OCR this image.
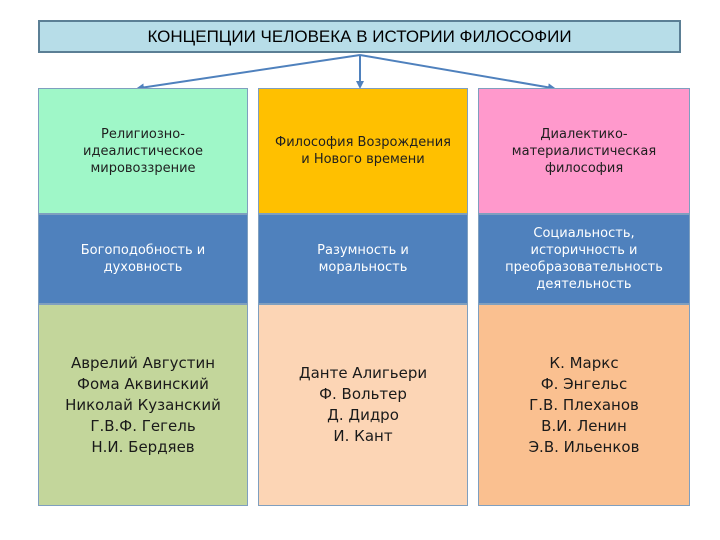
КОНЦЕПЦИИ ЧЕЛОВЕКА В ИСТОРИИ ФИЛОСОФИИ
Религиозно-
идеалистическое
мировоззрение
Богоподобность и
духовность
Аврелий Августин
Фома Аквинский
Николай Кузанский
Г.В.Ф. Гегель
Н.И. Бердяев
Философия Возрождения
и Нового времени
Разумность и
моральность
Данте Алигьери
Ф. Вольтер
Д. Дидро
И. Кант
Диалектико-
материалистическая
философия
Социальность,
историчность и
преобразовательность
деятельность
К. Маркс
Ф. Энгельс
Г.В. Плеханов
В.И. Ленин
Э.В. Ильенков
